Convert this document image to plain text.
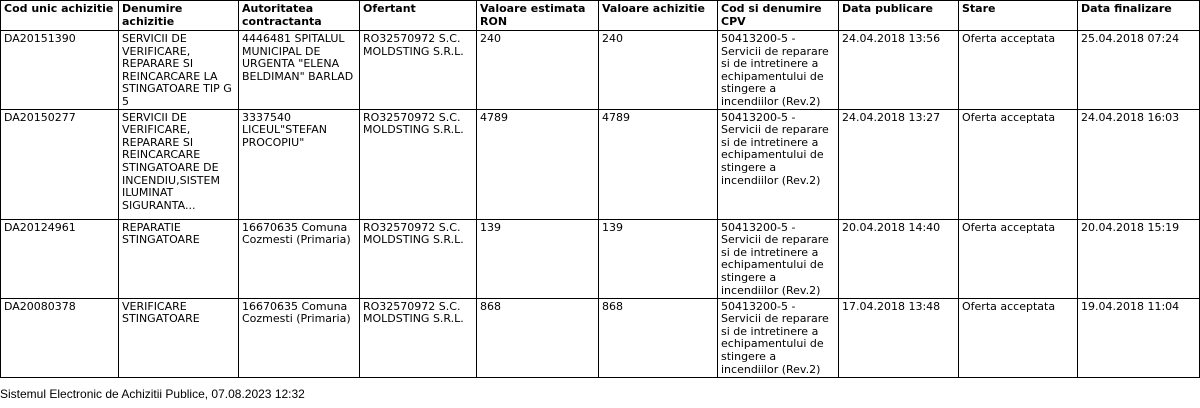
Cod unic achizitie	Denumire achizitie	Autoritatea contractanta	Ofertant	Valoare estimata RON	Valoare achizitie	Cod si denumire CPV	Data publicare	Stare	Data finalizare
DA20151390	SERVICII DE VERIFICARE, REPARARE SI REINCARCARE LA STINGATOARE TIP G 5	4446481 SPITALUL MUNICIPAL DE URGENTA "ELENA BELDIMAN" BARLAD	RO32570972 S.C. MOLDSTING S.R.L.	240	240	50413200-5 - Servicii de reparare si de intretinere a echipamentului de stingere a incendiilor (Rev.2)	24.04.2018 13:56	Oferta acceptata	25.04.2018 07:24
DA20150277	SERVICII DE VERIFICARE, REPARARE SI REINCARCARE STINGATOARE DE INCENDIU,SISTEM ILUMINAT SIGURANTA...	3337540 LICEUL"STEFAN PROCOPIU"	RO32570972 S.C. MOLDSTING S.R.L.	4789	4789	50413200-5 - Servicii de reparare si de intretinere a echipamentului de stingere a incendiilor (Rev.2)	24.04.2018 13:27	Oferta acceptata	24.04.2018 16:03
DA20124961	REPARATIE STINGATOARE	16670635 Comuna Cozmesti (Primaria)	RO32570972 S.C. MOLDSTING S.R.L.	139	139	50413200-5 - Servicii de reparare si de intretinere a echipamentului de stingere a incendiilor (Rev.2)	20.04.2018 14:40	Oferta acceptata	20.04.2018 15:19
DA20080378	VERIFICARE STINGATOARE	16670635 Comuna Cozmesti (Primaria)	RO32570972 S.C. MOLDSTING S.R.L.	868	868	50413200-5 - Servicii de reparare si de intretinere a echipamentului de stingere a incendiilor (Rev.2)	17.04.2018 13:48	Oferta acceptata	19.04.2018 11:04
Sistemul Electronic de Achizitii Publice, 07.08.2023 12:32
